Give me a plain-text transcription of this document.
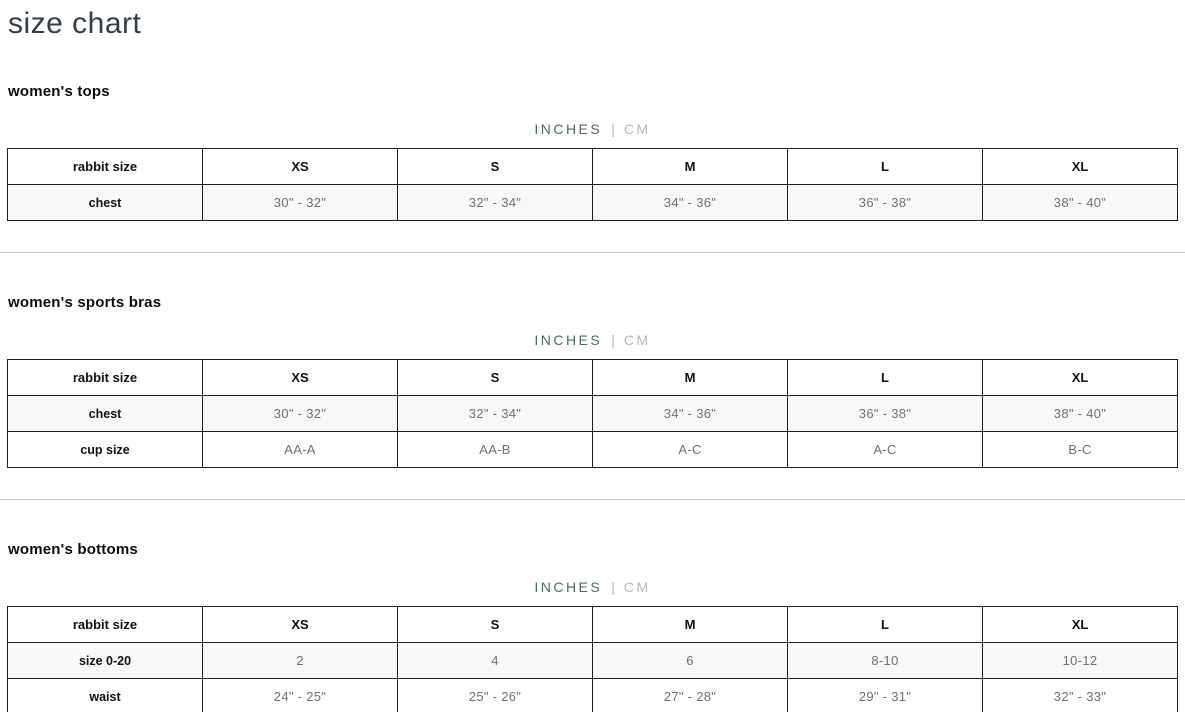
size chart
women's tops
INCHES | CM
rabbit size	XS	S	M	L	XL
chest	30" - 32"	32" - 34"	34" - 36"	36" - 38"	38" - 40"
women's sports bras
INCHES | CM
rabbit size	XS	S	M	L	XL
chest	30" - 32"	32" - 34"	34" - 36"	36" - 38"	38" - 40"
cup size	AA-A	AA-B	A-C	A-C	B-C
women's bottoms
INCHES | CM
rabbit size	XS	S	M	L	XL
size 0-20	2	4	6	8-10	10-12
waist	24" - 25"	25" - 26"	27" - 28"	29" - 31"	32" - 33"
